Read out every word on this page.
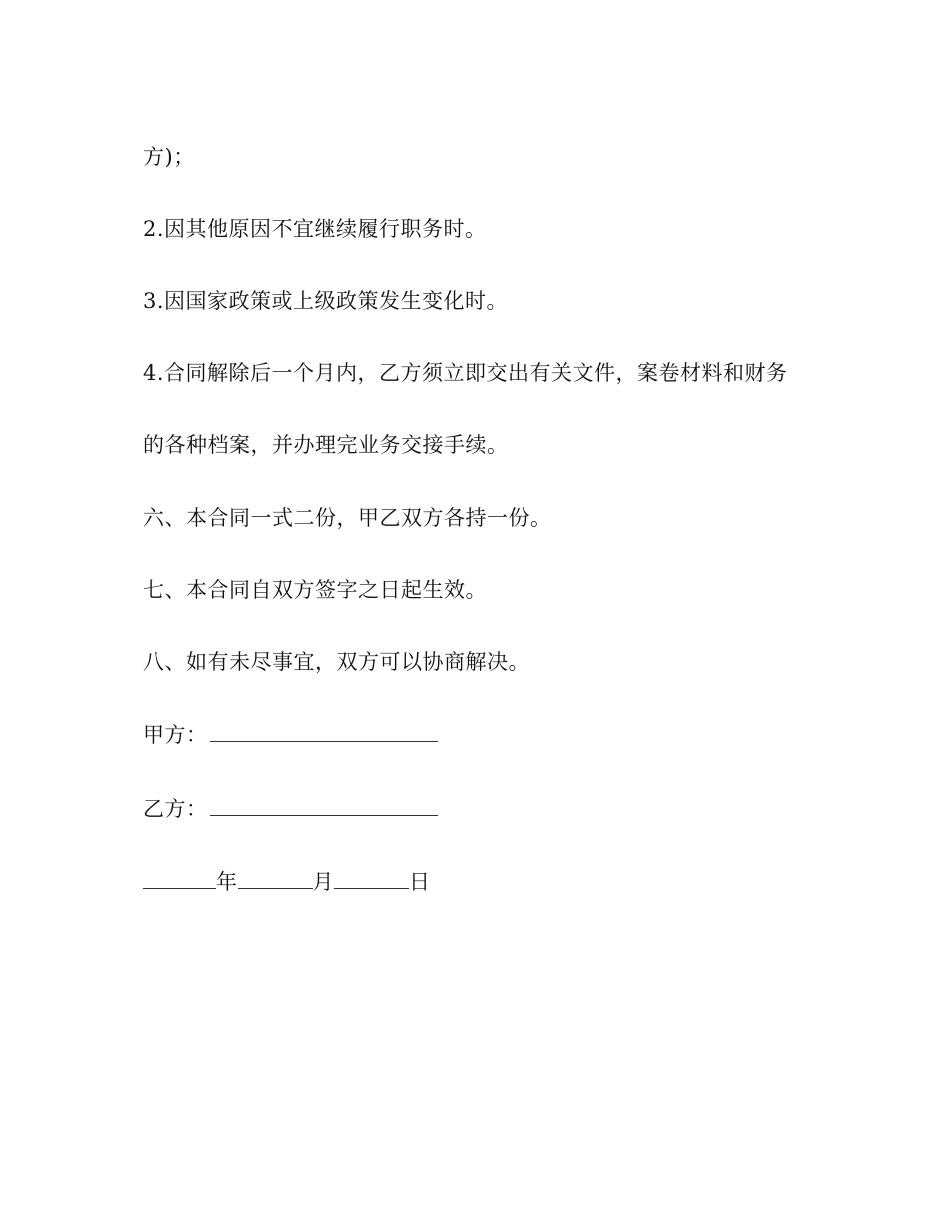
方)；
2.因其他原因不宜继续履行职务时。
3.因国家政策或上级政策发生变化时。
4.合同解除后一个月内，乙方须立即交出有关文件，案卷材料和财务
的各种档案，并办理完业务交接手续。
六、本合同一式二份，甲乙双方各持一份。
七、本合同自双方签字之日起生效。
八、如有未尽事宜，双方可以协商解决。
甲方：
乙方：
年	月	日
